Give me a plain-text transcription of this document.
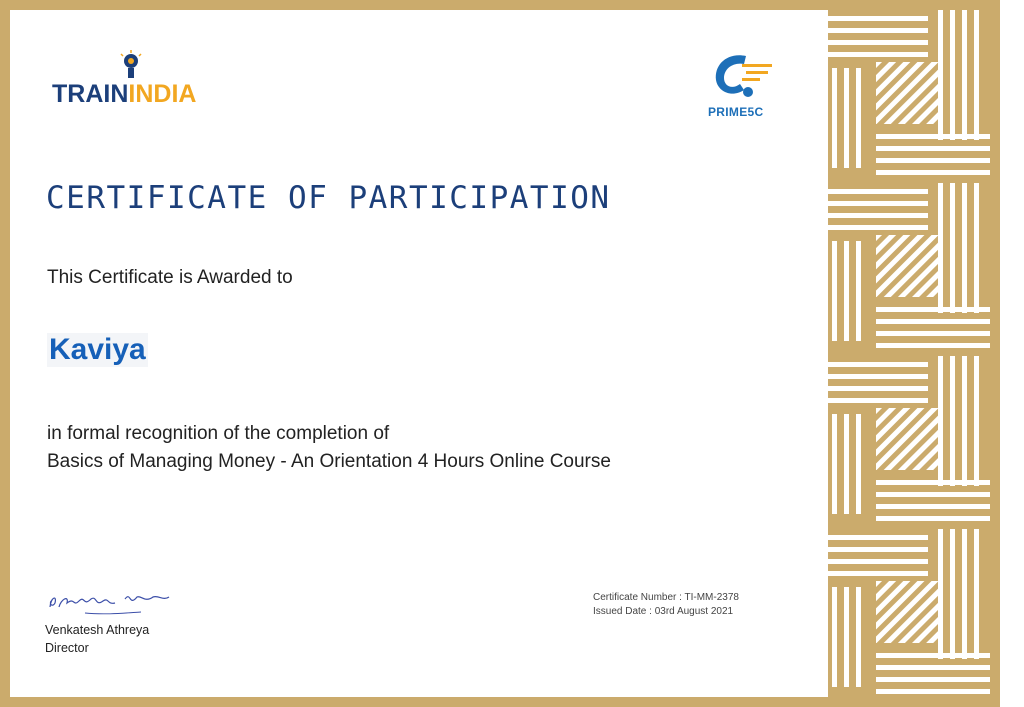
TRAININDIA
PRIME5C
CERTIFICATE OF PARTICIPATION
This Certificate is Awarded to
Kaviya
in formal recognition of the completion of
Basics of Managing Money - An Orientation 4 Hours Online Course
Venkatesh Athreya
Director
Certificate Number : TI-MM-2378
Issued Date : 03rd August 2021
